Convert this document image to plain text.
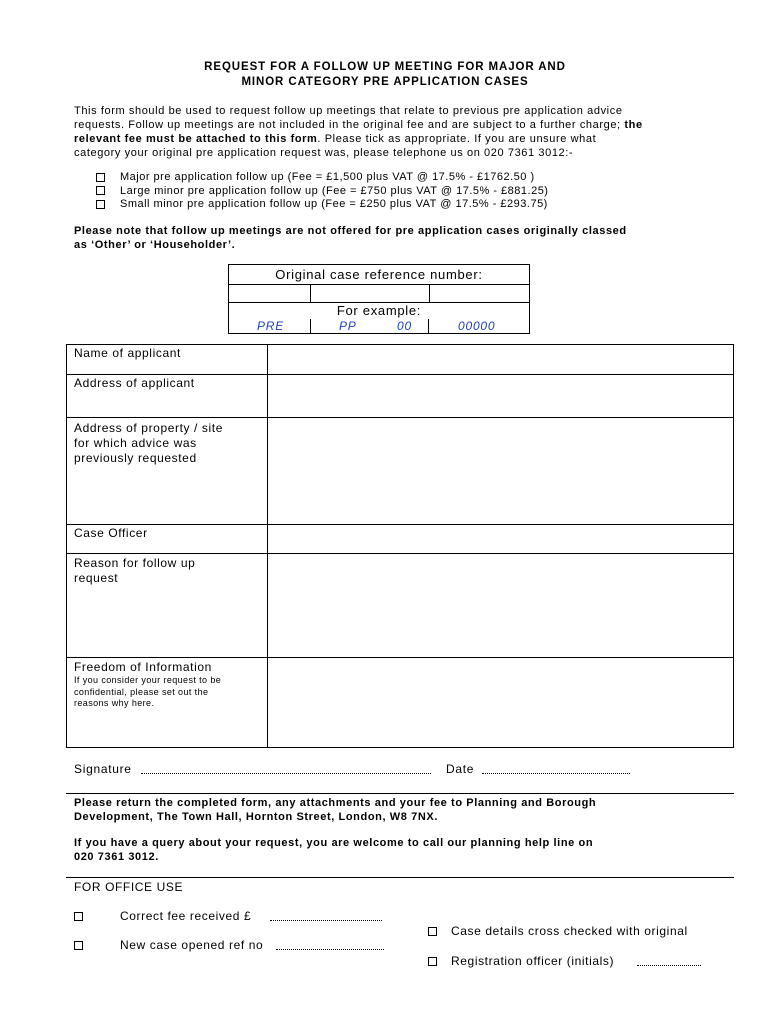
REQUEST FOR A FOLLOW UP MEETING FOR MAJOR AND
MINOR CATEGORY PRE APPLICATION CASES
This form should be used to request follow up meetings that relate to previous pre application advice
requests. Follow up meetings are not included in the original fee and are subject to a further charge; the
relevant fee must be attached to this form. Please tick as appropriate. If you are unsure what
category your original pre application request was, please telephone us on 020 7361 3012:-
Major pre application follow up (Fee = £1,500 plus VAT @ 17.5% - £1762.50 )
Large minor pre application follow up (Fee = £750 plus VAT @ 17.5% - £881.25)
Small minor pre application follow up (Fee = £250 plus VAT @ 17.5% - £293.75)
Please note that follow up meetings are not offered for pre application cases originally classed
as ‘Other’ or ‘Householder’.
Original case reference number:
For example:
PRE	PP	00	00000
Name of applicant
Address of applicant
Address of property / site
for which advice was
previously requested
Case Officer
Reason for follow up
request
Freedom of Information
If you consider your request to be
confidential, please set out the
reasons why here.
Signature	Date
Please return the completed form, any attachments and your fee to Planning and Borough
Development, The Town Hall, Hornton Street, London, W8 7NX.
If you have a query about your request, you are welcome to call our planning help line on
020 7361 3012.
FOR OFFICE USE
Correct fee received £
New case opened ref no
Case details cross checked with original
Registration officer (initials)
